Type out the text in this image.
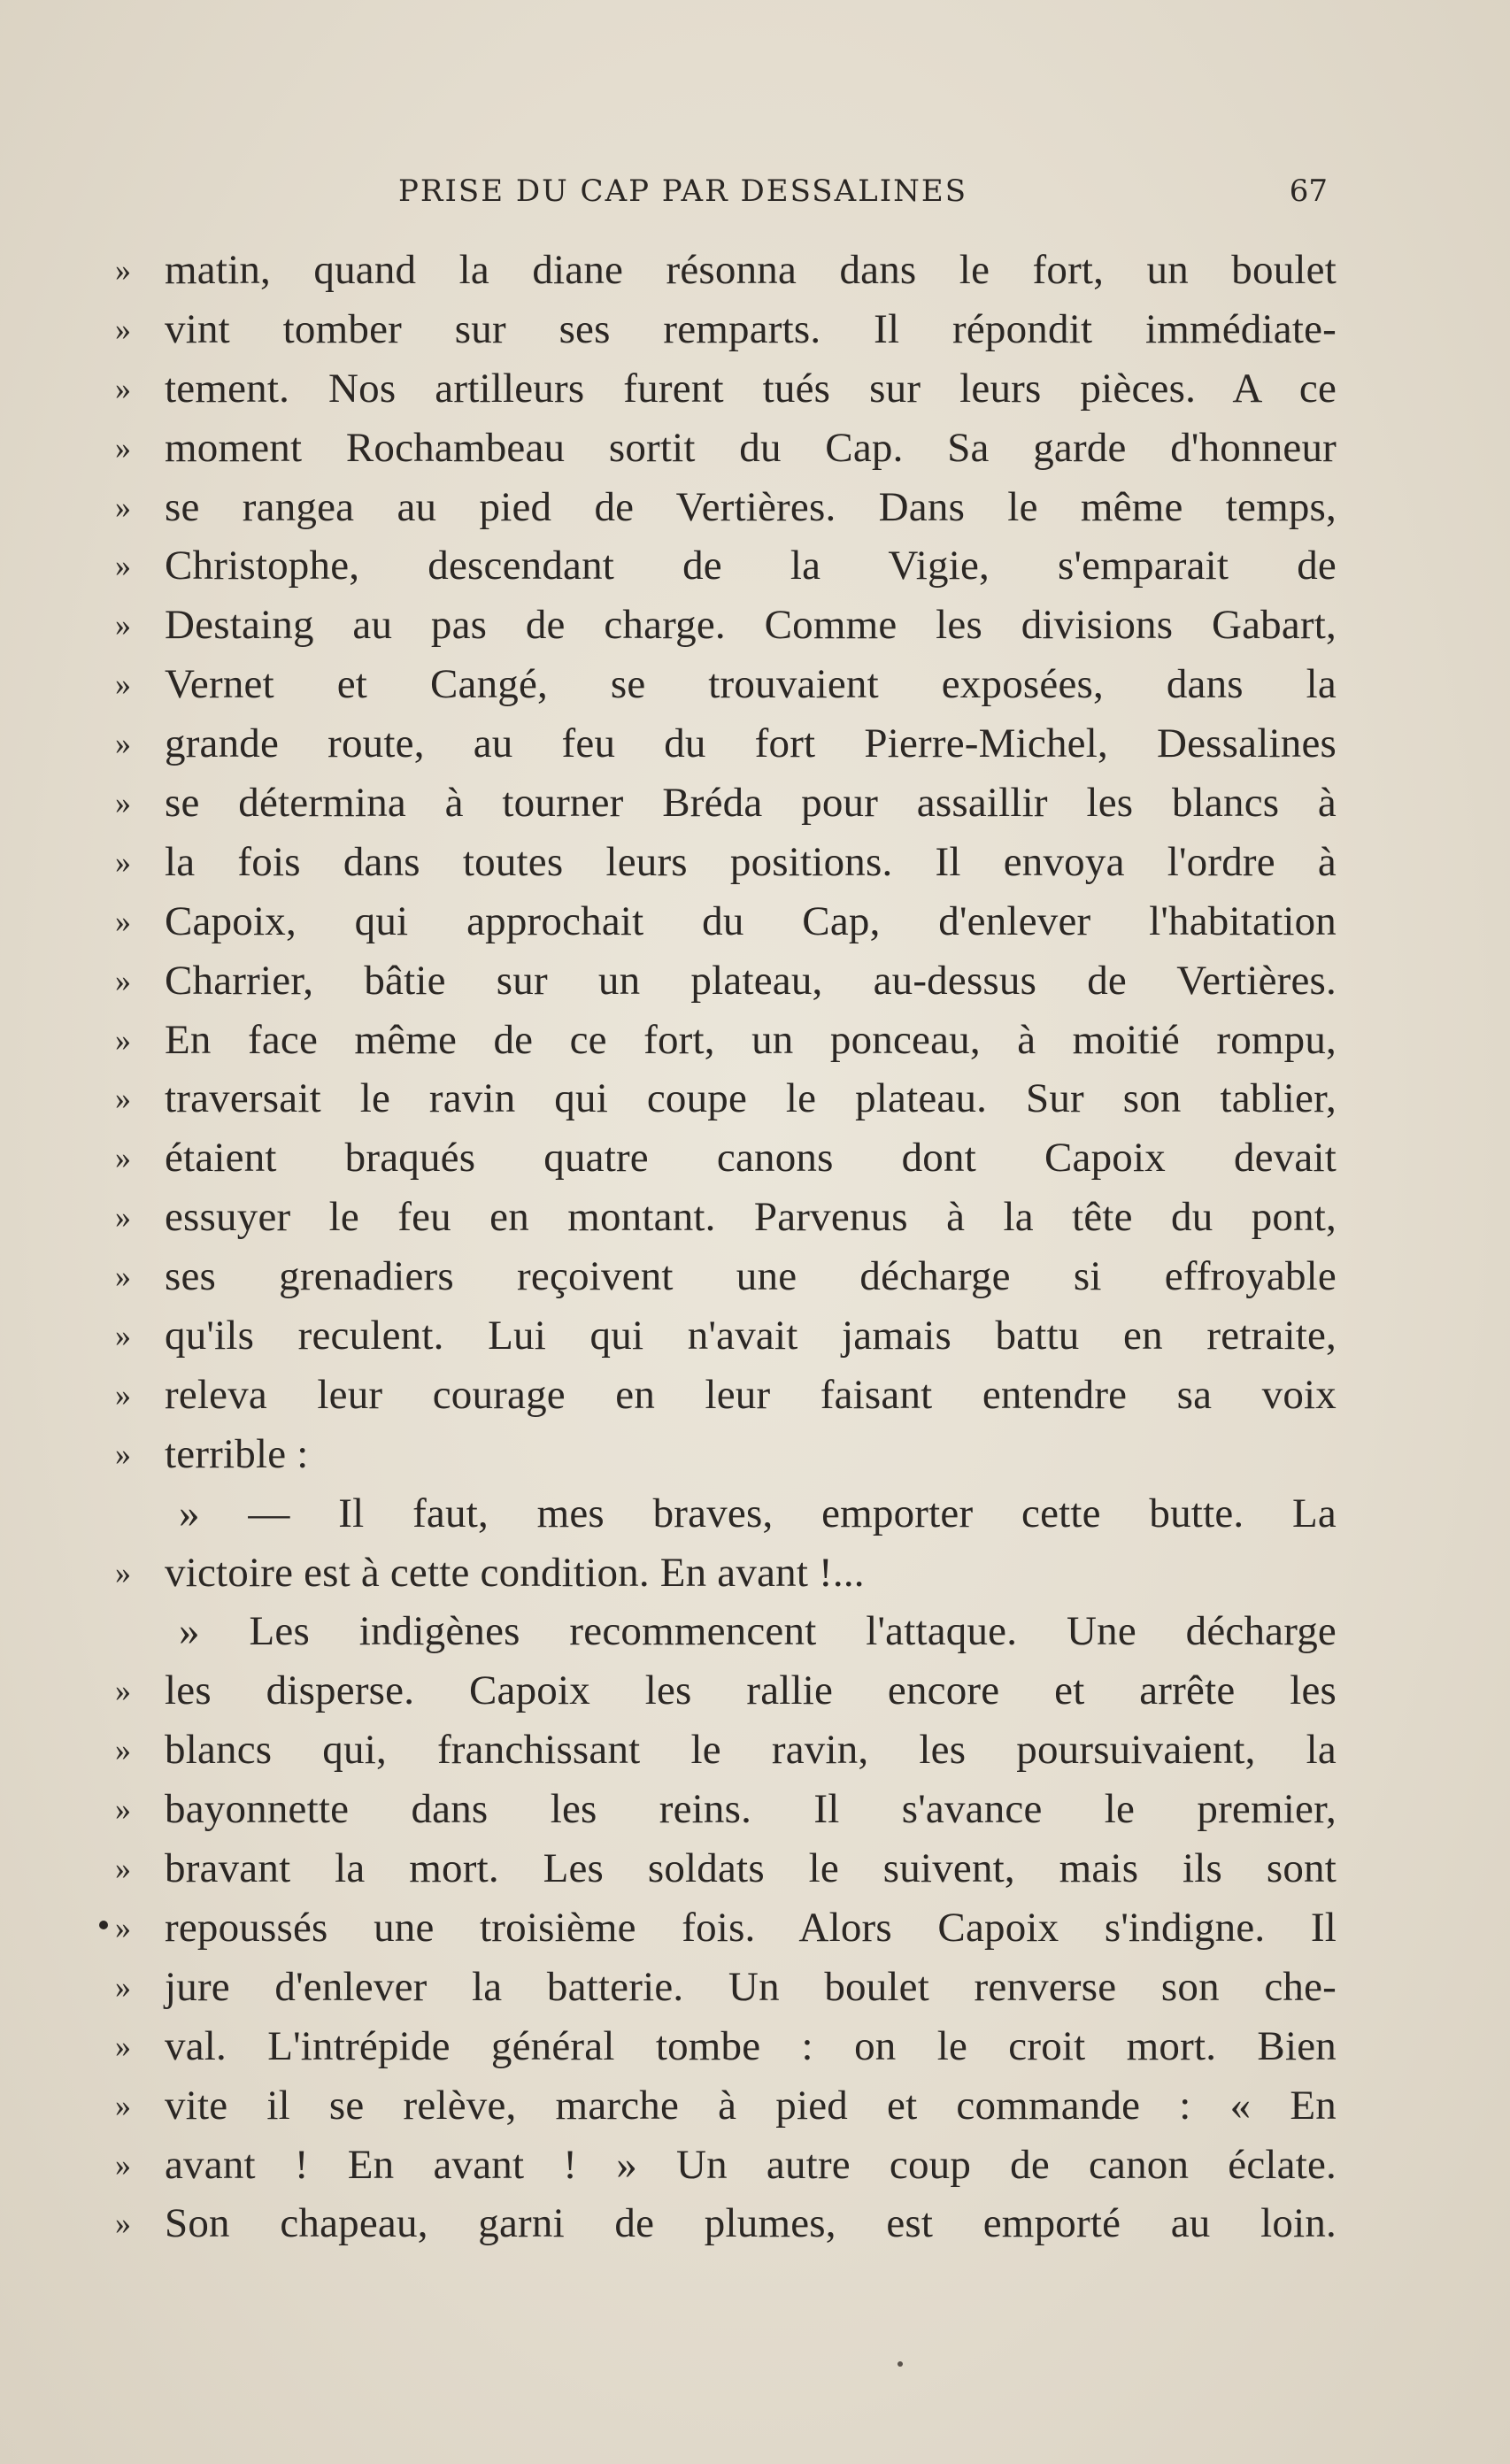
PRISE DU CAP PAR DESSALINES	67
» matin, quand la diane résonna dans le fort, un boulet
» vint tomber sur ses remparts. Il répondit immédiate-
» tement. Nos artilleurs furent tués sur leurs pièces. A ce
» moment Rochambeau sortit du Cap. Sa garde d'honneur
» se rangea au pied de Vertières. Dans le même temps,
» Christophe, descendant de la Vigie, s'emparait de
» Destaing au pas de charge. Comme les divisions Gabart,
» Vernet et Cangé, se trouvaient exposées, dans la
» grande route, au feu du fort Pierre-Michel, Dessalines
» se détermina à tourner Bréda pour assaillir les blancs à
» la fois dans toutes leurs positions. Il envoya l'ordre à
» Capoix, qui approchait du Cap, d'enlever l'habitation
» Charrier, bâtie sur un plateau, au-dessus de Vertières.
» En face même de ce fort, un ponceau, à moitié rompu,
» traversait le ravin qui coupe le plateau. Sur son tablier,
» étaient braqués quatre canons dont Capoix devait
» essuyer le feu en montant. Parvenus à la tête du pont,
» ses grenadiers reçoivent une décharge si effroyable
» qu'ils reculent. Lui qui n'avait jamais battu en retraite,
» releva leur courage en leur faisant entendre sa voix
» terrible :
» — Il faut, mes braves, emporter cette butte. La
» victoire est à cette condition. En avant !...
» Les indigènes recommencent l'attaque. Une décharge
» les disperse. Capoix les rallie encore et arrête les
» blancs qui, franchissant le ravin, les poursuivaient, la
» bayonnette dans les reins. Il s'avance le premier,
» bravant la mort. Les soldats le suivent, mais ils sont
» repoussés une troisième fois. Alors Capoix s'indigne. Il
» jure d'enlever la batterie. Un boulet renverse son che-
» val. L'intrépide général tombe : on le croit mort. Bien
» vite il se relève, marche à pied et commande : « En
» avant ! En avant ! » Un autre coup de canon éclate.
» Son chapeau, garni de plumes, est emporté au loin.
